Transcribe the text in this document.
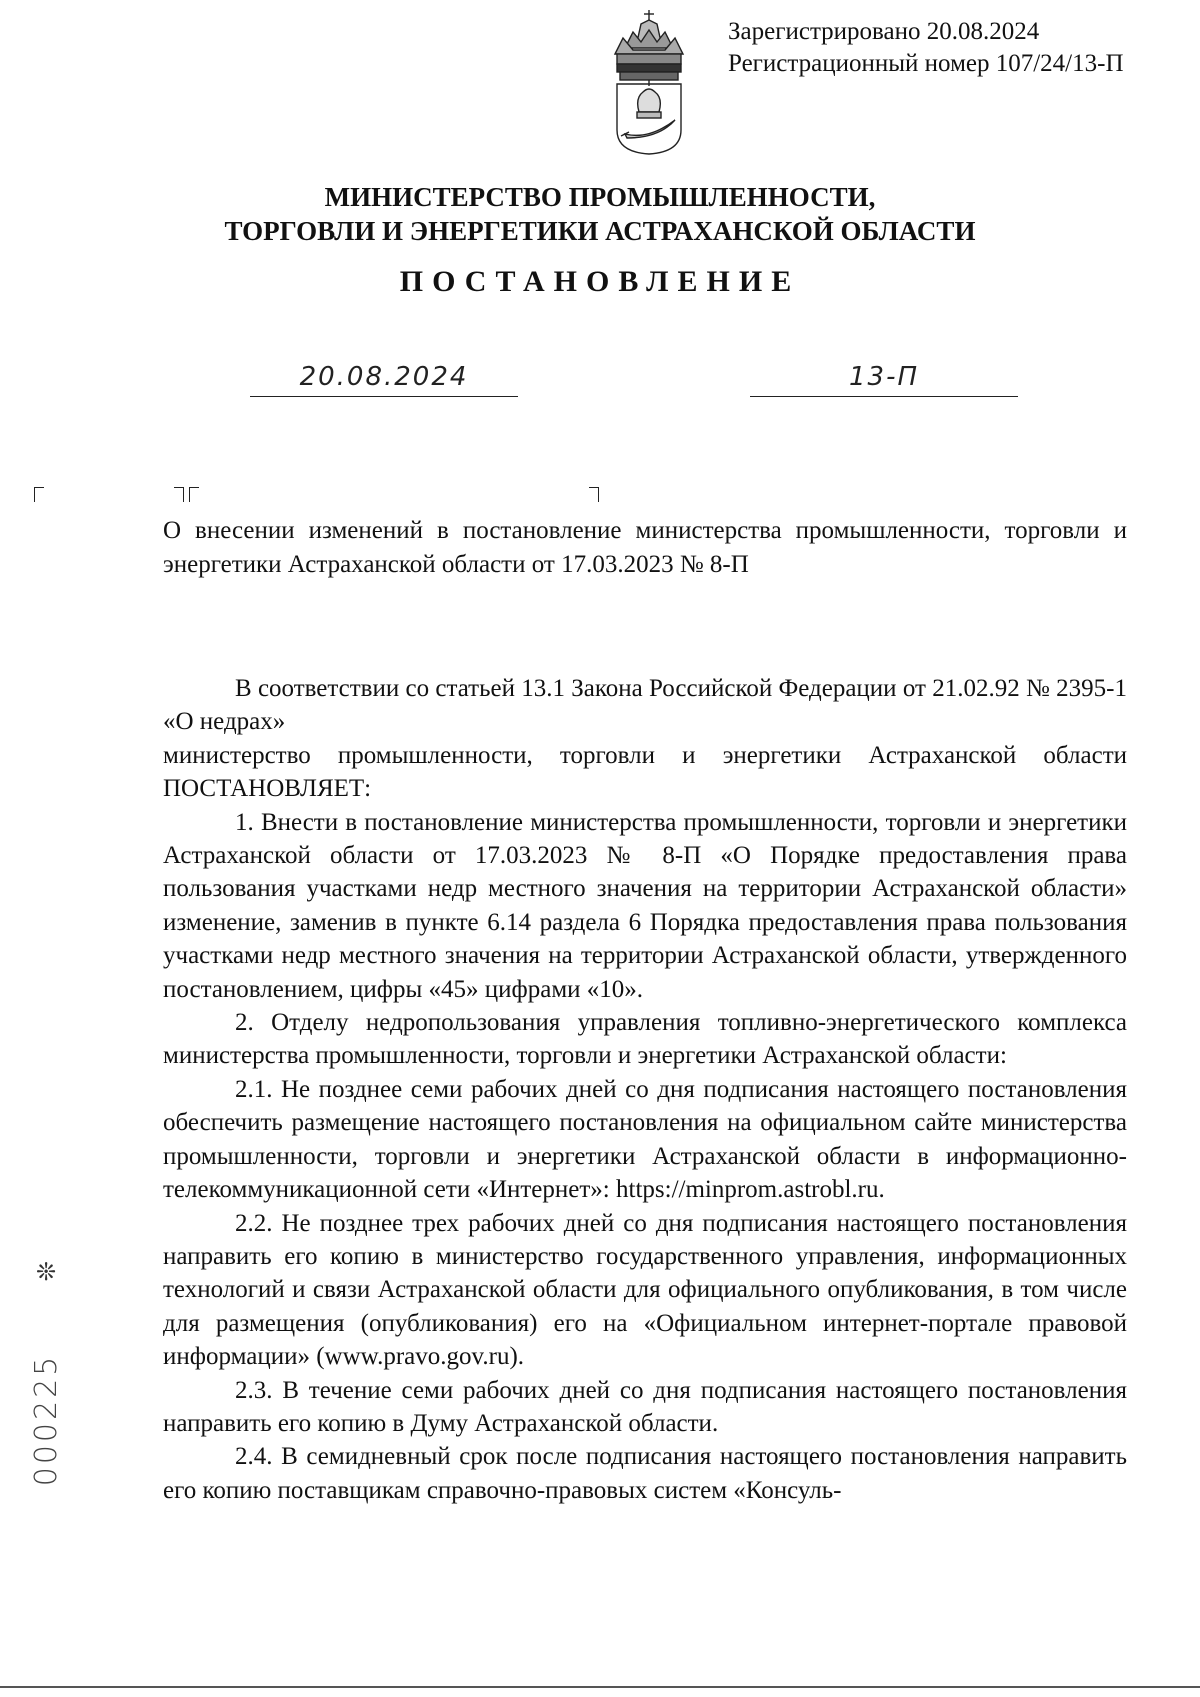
Зарегистрировано 20.08.2024
Регистрационный номер 107/24/13-П
МИНИСТЕРСТВО ПРОМЫШЛЕННОСТИ,
ТОРГОВЛИ И ЭНЕРГЕТИКИ АСТРАХАНСКОЙ ОБЛАСТИ
ПОСТАНОВЛЕНИЕ
20.08.2024	13-П
О внесении изменений в постановление министерства промышленности, торговли и энергетики Астраханской области от 17.03.2023 № 8-П

В соответствии со статьей 13.1 Закона Российской Федерации от 21.02.92 № 2395-1 «О недрах»

министерство промышленности, торговли и энергетики Астраханской области ПОСТАНОВЛЯЕТ:

1. Внести в постановление министерства промышленности, торговли и энергетики Астраханской области от 17.03.2023 № 8-П «О Порядке предоставления права пользования участками недр местного значения на территории Астраханской области» изменение, заменив в пункте 6.14 раздела 6 Порядка предоставления права пользования участками недр местного значения на территории Астраханской области, утвержденного постановлением, цифры «45» цифрами «10».

2. Отделу недропользования управления топливно-энергетического комплекса министерства промышленности, торговли и энергетики Астраханской области:

2.1. Не позднее семи рабочих дней со дня подписания настоящего постановления обеспечить размещение настоящего постановления на официальном сайте министерства промышленности, торговли и энергетики Астраханской области в информационно-телекоммуникационной сети «Интернет»: https://minprom.astrobl.ru.

2.2. Не позднее трех рабочих дней со дня подписания настоящего постановления направить его копию в министерство государственного управления, информационных технологий и связи Астраханской области для официального опубликования, в том числе для размещения (опубликования) его на «Официальном интернет-портале правовой информации» (www.pravo.gov.ru).

2.3. В течение семи рабочих дней со дня подписания настоящего постановления направить его копию в Думу Астраханской области.

2.4. В семидневный срок после подписания настоящего постановления направить его копию поставщикам справочно-правовых систем «Консуль-

❊
000225
